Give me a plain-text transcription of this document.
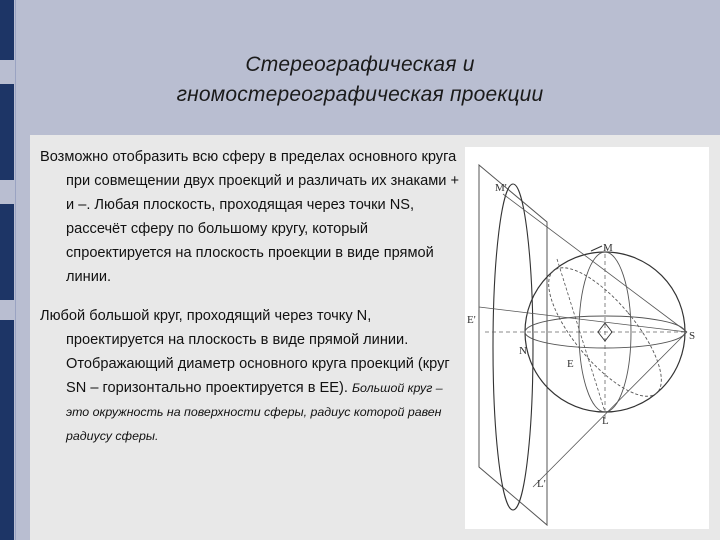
Стереографическая и
гномостереографическая проекции

Возможно отобразить всю сферу в пределах основного круга при совмещении двух проекций и различать их знаками + и –. Любая плоскость, проходящая через точки NS, рассечёт сферу по большому кругу, который спроектируется на плоскость проекции в виде прямой линии.

Любой большой круг, проходящий через точку N, проектируется на плоскость в виде прямой линии. Отображающий диаметр основного круга проекций (круг SN – горизонтально проектируется в EE). Большой круг – это окружность на поверхности сферы, радиус которой равен радиусу сферы.

M'
M
E'
N
S
E
L
L'
